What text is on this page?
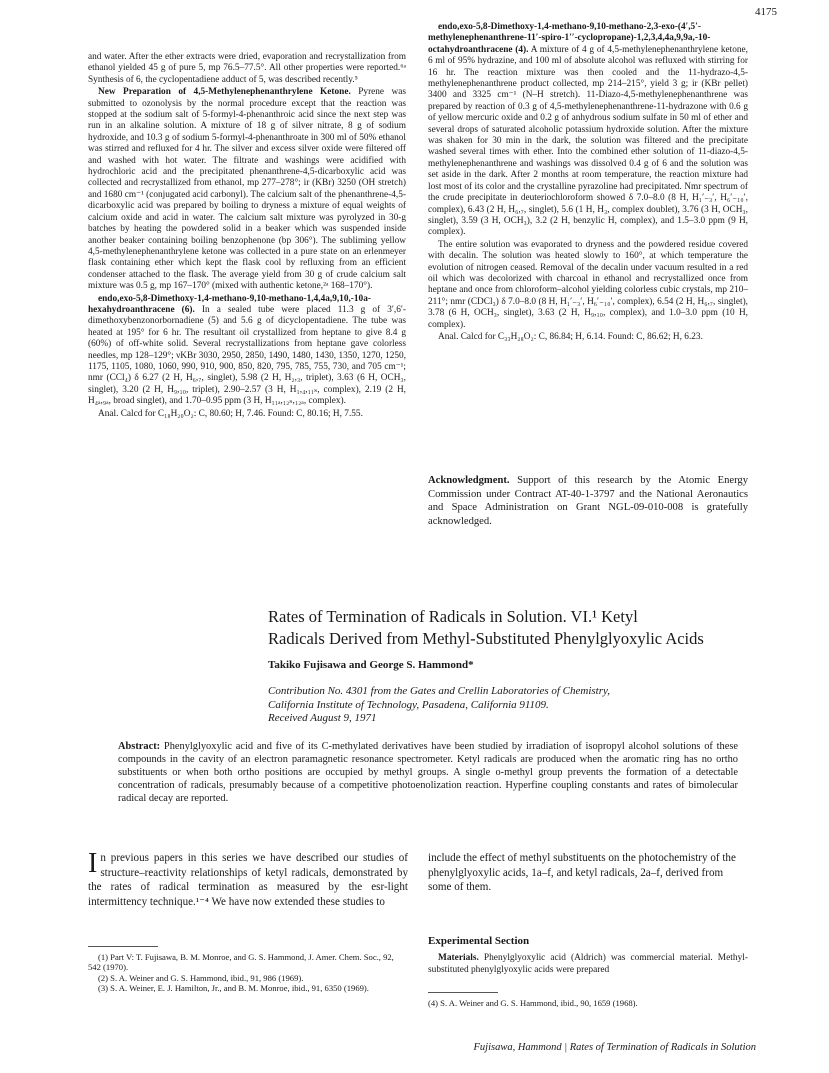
4175

and water. After the ether extracts were dried, evaporation and recrystallization from ethanol yielded 45 g of pure 5, mp 76.5–77.5°. All other properties were reported.⁶ᵃ Synthesis of 6, the cyclopentadiene adduct of 5, was described recently.⁵

New Preparation of 4,5-Methylenephenanthrylene Ketone. Pyrene was submitted to ozonolysis by the normal procedure except that the reaction was stopped at the sodium salt of 5-formyl-4-phenanthroic acid since the next step was run in an alkaline solution. A mixture of 18 g of silver nitrate, 8 g of sodium hydroxide, and 10.3 g of sodium 5-formyl-4-phenanthroate in 300 ml of 50% ethanol was stirred and refluxed for 4 hr. The silver and excess silver oxide were filtered off and washed with hot water. The filtrate and washings were acidified with hydrochloric acid and the precipitated phenanthrene-4,5-dicarboxylic acid was collected and recrystallized from ethanol, mp 277–278°; ir (KBr) 3250 (OH stretch) and 1680 cm⁻¹ (conjugated acid carbonyl). The calcium salt of the phenanthrene-4,5-dicarboxylic acid was prepared by boiling to dryness a mixture of equal weights of calcium oxide and acid in water. The calcium salt mixture was pyrolyzed in 30-g batches by heating the powdered solid in a beaker which was suspended inside another beaker containing boiling benzophenone (bp 306°). The subliming yellow 4,5-methylenephenanthrylene ketone was collected in a pure state on an erlenmeyer flask containing ether which kept the flask cool by refluxing from an efficient condenser attached to the flask. The average yield from 30 g of crude calcium salt mixture was 0.5 g, mp 167–170° (mixed with authentic ketone,²ᵃ 168–170°).

endo,exo-5,8-Dimethoxy-1,4-methano-9,10-methano-1,4,4a,9,10,-10a-hexahydroanthracene (6). In a sealed tube were placed 11.3 g of 3′,6′-dimethoxybenzonorbornadiene (5) and 5.6 g of dicyclopentadiene. The tube was heated at 195° for 6 hr. The resultant oil crystallized from heptane to give 8.4 g (60%) of off-white solid. Several recrystallizations from heptane gave colorless needles, mp 128–129°; νKBr 3030, 2950, 2850, 1490, 1480, 1430, 1350, 1270, 1250, 1175, 1105, 1080, 1060, 990, 910, 900, 850, 820, 795, 785, 755, 730, and 705 cm⁻¹; nmr (CCl₄) δ 6.27 (2 H, H₆,₇, singlet), 5.98 (2 H, H₂,₃, triplet), 3.63 (6 H, OCH₃, singlet), 3.20 (2 H, H₉,₁₀, triplet), 2.90–2.57 (3 H, H₁,₄,₁₁ₛ, complex), 2.19 (2 H, H₄ₐ,₉ₐ, broad singlet), and 1.70–0.95 ppm (3 H, H₁₁ₐ,₁₂ₛ,₁₂ₐ, complex).

Anal. Calcd for C₁₈H₂₀O₂: C, 80.60; H, 7.46. Found: C, 80.16; H, 7.55.

endo,exo-5,8-Dimethoxy-1,4-methano-9,10-methano-2,3-exo-(4′,5′-methylenephenanthrene-11′-spiro-1′′-cyclopropane)-1,2,3,4,4a,9,9a,-10-octahydroanthracene (4). A mixture of 4 g of 4,5-methylenephenanthrylene ketone, 6 ml of 95% hydrazine, and 100 ml of absolute alcohol was refluxed with stirring for 16 hr. The reaction mixture was then cooled and the 11-hydrazo-4,5-methylenephenanthrene product collected, mp 214–215°, yield 3 g; ir (KBr pellet) 3400 and 3325 cm⁻¹ (N–H stretch). 11-Diazo-4,5-methylenephenanthrene was prepared by reaction of 0.3 g of 4,5-methylenephenanthrene-11-hydrazone with 0.6 g of yellow mercuric oxide and 0.2 g of anhydrous sodium sulfate in 50 ml of ether and several drops of saturated alcoholic potassium hydroxide solution. After the mixture was shaken for 30 min in the dark, the solution was filtered and the precipitate washed several times with ether. Into the combined ether solution of 11-diazo-4,5-methylenephenanthrene and washings was dissolved 0.4 g of 6 and the solution was set aside in the dark. After 2 months at room temperature, the reaction mixture had lost most of its color and the crystalline pyrazoline had precipitated. Nmr spectrum of the crude precipitate in deuteriochloroform showed δ 7.0–8.0 (8 H, H₁′₋₃′, H₆′₋₁₀′, complex), 6.43 (2 H, H₆,₇, singlet), 5.6 (1 H, H₃, complex doublet), 3.76 (3 H, OCH₃, singlet), 3.59 (3 H, OCH₃), 3.2 (2 H, benzylic H, complex), and 1.5–3.0 ppm (9 H, complex).

The entire solution was evaporated to dryness and the powdered residue covered with decalin. The solution was heated slowly to 160°, at which temperature the evolution of nitrogen ceased. Removal of the decalin under vacuum resulted in a red oil which was decolorized with charcoal in ethanol and recrystallized once from heptane and once from chloroform–alcohol yielding colorless cubic crystals, mp 210–211°; nmr (CDCl₃) δ 7.0–8.0 (8 H, H₁′₋₃′, H₆′₋₁₀′, complex), 6.54 (2 H, H₆,₇, singlet), 3.78 (6 H, OCH₃, singlet), 3.63 (2 H, H₉,₁₀, complex), and 1.0–3.0 ppm (10 H, complex).

Anal. Calcd for C₃₃H₂₈O₂: C, 86.84; H, 6.14. Found: C, 86.62; H, 6.23.

Acknowledgment. Support of this research by the Atomic Energy Commission under Contract AT-40-1-3797 and the National Aeronautics and Space Administration on Grant NGL-09-010-008 is gratefully acknowledged.
Rates of Termination of Radicals in Solution. VI.¹ Ketyl
Radicals Derived from Methyl-Substituted Phenylglyoxylic Acids
Takiko Fujisawa and George S. Hammond*
Contribution No. 4301 from the Gates and Crellin Laboratories of Chemistry,
California Institute of Technology, Pasadena, California 91109.
Received August 9, 1971
Abstract: Phenylglyoxylic acid and five of its C-methylated derivatives have been studied by irradiation of isopropyl alcohol solutions of these compounds in the cavity of an electron paramagnetic resonance spectrometer. Ketyl radicals are produced when the aromatic ring has no ortho substituents or when both ortho positions are occupied by methyl groups. A single o-methyl group prevents the formation of a detectable concentration of radicals, presumably because of a competitive photoenolization reaction. Hyperfine coupling constants and rates of bimolecular radical decay are reported.
In previous papers in this series we have described our studies of structure–reactivity relationships of ketyl radicals, demonstrated by the rates of radical termination as measured by the esr-light intermittency technique.¹⁻⁴ We have now extended these studies to
include the effect of methyl substituents on the photochemistry of the phenylglyoxylic acids, 1a–f, and ketyl radicals, 2a–f, derived from some of them.
Experimental Section

Materials. Phenylglyoxylic acid (Aldrich) was commercial material. Methyl-substituted phenylglyoxylic acids were prepared

(1) Part V: T. Fujisawa, B. M. Monroe, and G. S. Hammond, J. Amer. Chem. Soc., 92, 542 (1970).
(2) S. A. Weiner and G. S. Hammond, ibid., 91, 986 (1969).
(3) S. A. Weiner, E. J. Hamilton, Jr., and B. M. Monroe, ibid., 91, 6350 (1969).
(4) S. A. Weiner and G. S. Hammond, ibid., 90, 1659 (1968).
Fujisawa, Hammond | Rates of Termination of Radicals in Solution
